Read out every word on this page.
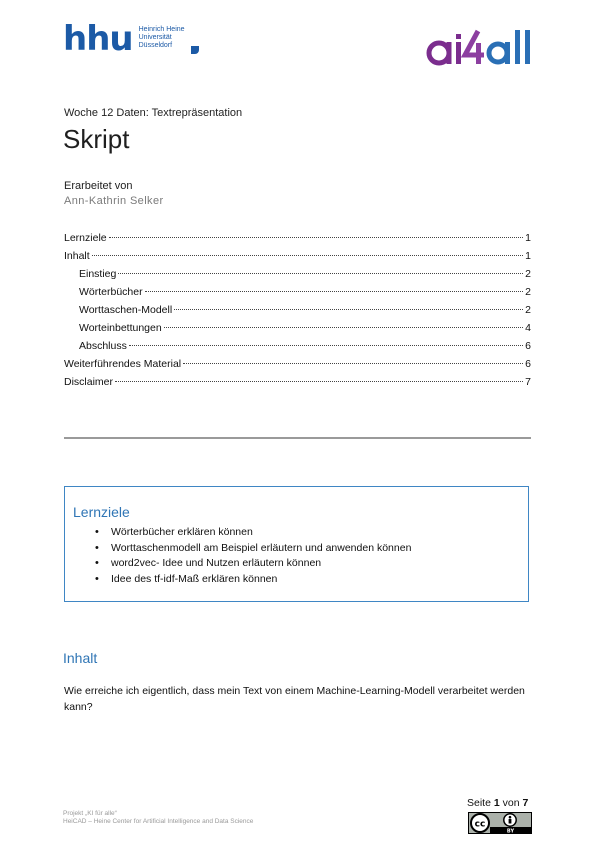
hhu Heinrich Heine
Universität
Düsseldorf
Woche 12 Daten: Textrepräsentation
Skript
Erarbeitet von
Ann-Kathrin Selker
Lernziele	1
Inhalt	1
Einstieg	2
Wörterbücher	2
Worttaschen-Modell	2
Worteinbettungen	4
Abschluss	6
Weiterführendes Material	6
Disclaimer	7
Lernziele
• Wörterbücher erklären können
• Worttaschenmodell am Beispiel erläutern und anwenden können
• word2vec- Idee und Nutzen erläutern können
• Idee des tf-idf-Maß erklären können
Inhalt
Wie erreiche ich eigentlich, dass mein Text von einem Machine-Learning-Modell verarbeitet werden kann?
Projekt „KI für alle“
HeiCAD – Heine Center for Artificial Intelligence and Data Science
Seite 1 von 7
cc
BY
